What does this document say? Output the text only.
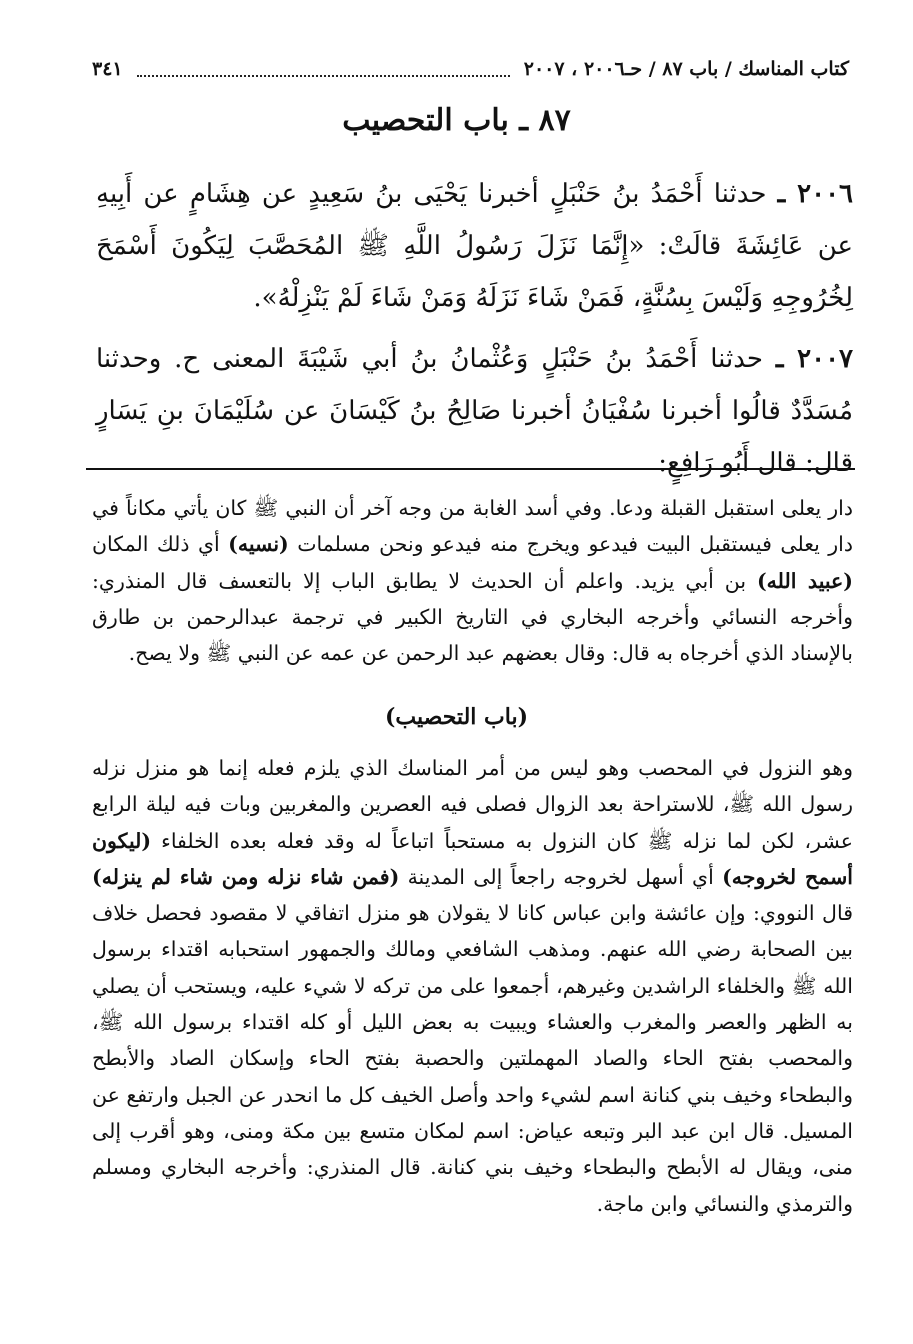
كتاب المناسك / باب ٨٧ / حـ٢٠٠٦ ، ٢٠٠٧
٣٤١
٨٧ ـ باب التحصيب
٢٠٠٦ ـ حدثنا أَحْمَدُ بنُ حَنْبَلٍ أخبرنا يَحْيَى بنُ سَعِيدٍ عن هِشَامٍ عن أَبِيهِ عن عَائِشَةَ قالَتْ: «إِنَّمَا نَزَلَ رَسُولُ اللَّهِ ﷺ المُحَصَّبَ لِيَكُونَ أَسْمَحَ لِخُرُوجِهِ وَلَيْسَ بِسُنَّةٍ، فَمَنْ شَاءَ نَزَلَهُ وَمَنْ شَاءَ لَمْ يَنْزِلْهُ».
٢٠٠٧ ـ حدثنا أَحْمَدُ بنُ حَنْبَلٍ وَعُثْمانُ بنُ أبي شَيْبَةَ المعنى ح. وحدثنا مُسَدَّدٌ قالُوا أخبرنا سُفْيَانُ أخبرنا صَالِحُ بنُ كَيْسَانَ عن سُلَيْمَانَ بنِ يَسَارٍ قال: قال أَبُو رَافِعٍ:
دار يعلى استقبل القبلة ودعا. وفي أسد الغابة من وجه آخر أن النبي ﷺ كان يأتي مكاناً في دار يعلى فيستقبل البيت فيدعو ويخرج منه فيدعو ونحن مسلمات (نسيه) أي ذلك المكان (عبيد الله) بن أبي يزيد. واعلم أن الحديث لا يطابق الباب إلا بالتعسف قال المنذري: وأخرجه النسائي وأخرجه البخاري في التاريخ الكبير في ترجمة عبدالرحمن بن طارق بالإسناد الذي أخرجاه به قال: وقال بعضهم عبد الرحمن عن عمه عن النبي ﷺ ولا يصح.
(باب التحصيب)
وهو النزول في المحصب وهو ليس من أمر المناسك الذي يلزم فعله إنما هو منزل نزله رسول الله ﷺ، للاستراحة بعد الزوال فصلى فيه العصرين والمغربين وبات فيه ليلة الرابع عشر، لكن لما نزله ﷺ كان النزول به مستحباً اتباعاً له وقد فعله بعده الخلفاء (ليكون أسمح لخروجه) أي أسهل لخروجه راجعاً إلى المدينة (فمن شاء نزله ومن شاء لم ينزله) قال النووي: وإن عائشة وابن عباس كانا لا يقولان هو منزل اتفاقي لا مقصود فحصل خلاف بين الصحابة رضي الله عنهم. ومذهب الشافعي ومالك والجمهور استحبابه اقتداء برسول الله ﷺ والخلفاء الراشدين وغيرهم، أجمعوا على من تركه لا شيء عليه، ويستحب أن يصلي به الظهر والعصر والمغرب والعشاء ويبيت به بعض الليل أو كله اقتداء برسول الله ﷺ، والمحصب بفتح الحاء والصاد المهملتين والحصبة بفتح الحاء وإسكان الصاد والأبطح والبطحاء وخيف بني كنانة اسم لشيء واحد وأصل الخيف كل ما انحدر عن الجبل وارتفع عن المسيل. قال ابن عبد البر وتبعه عياض: اسم لمكان متسع بين مكة ومنى، وهو أقرب إلى منى، ويقال له الأبطح والبطحاء وخيف بني كنانة. قال المنذري: وأخرجه البخاري ومسلم والترمذي والنسائي وابن ماجة.
